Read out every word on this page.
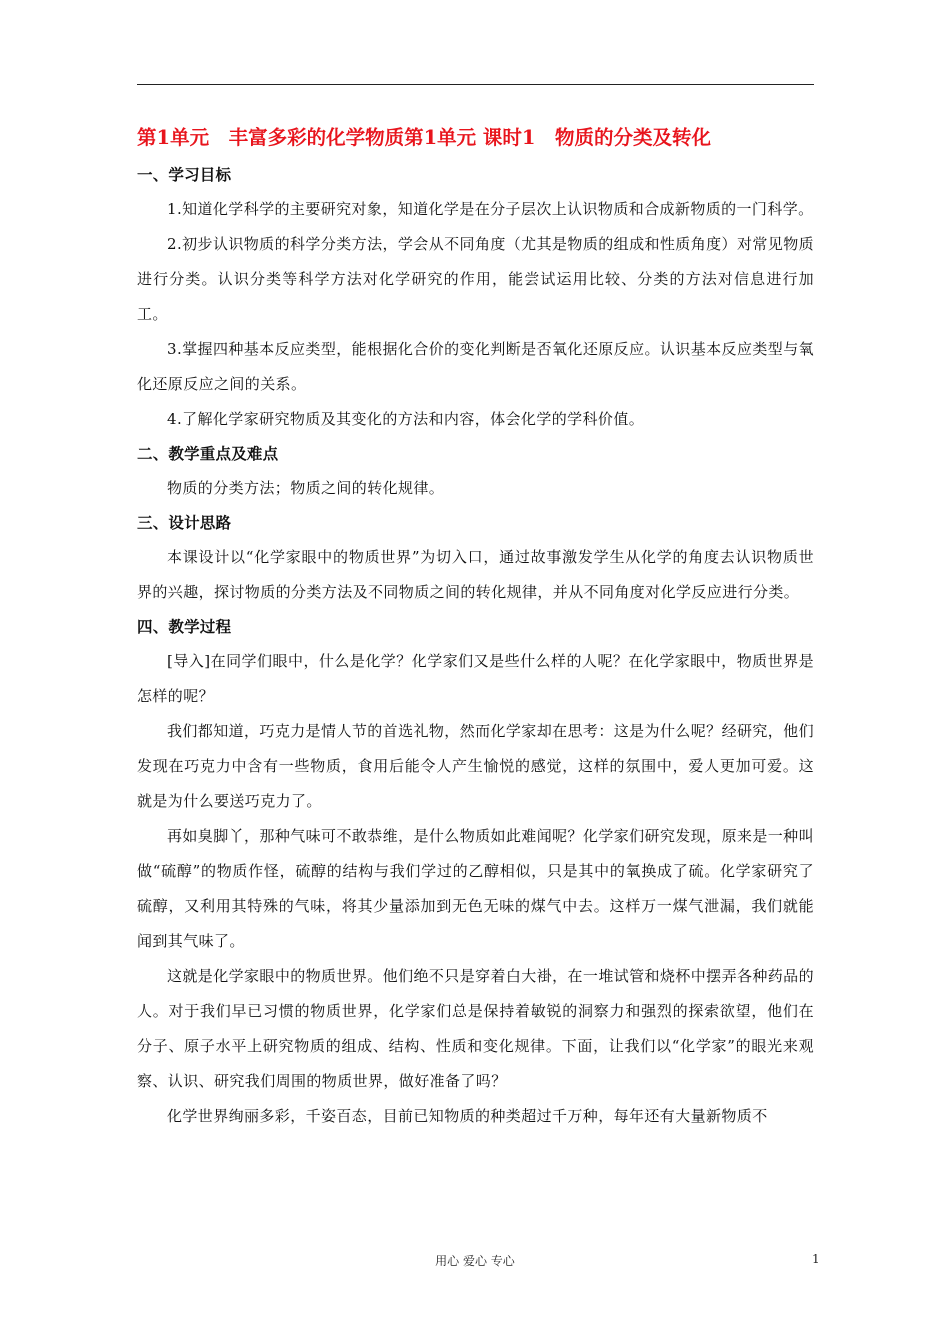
第1单元　丰富多彩的化学物质第1单元 课时1　物质的分类及转化
一、学习目标

1.知道化学科学的主要研究对象，知道化学是在分子层次上认识物质和合成新物质的一门科学。

2.初步认识物质的科学分类方法，学会从不同角度（尤其是物质的组成和性质角度）对常见物质进行分类。认识分类等科学方法对化学研究的作用，能尝试运用比较、分类的方法对信息进行加工。

3.掌握四种基本反应类型，能根据化合价的变化判断是否氧化还原反应。认识基本反应类型与氧化还原反应之间的关系。

4.了解化学家研究物质及其变化的方法和内容，体会化学的学科价值。

二、教学重点及难点

物质的分类方法；物质之间的转化规律。

三、设计思路

本课设计以“化学家眼中的物质世界”为切入口，通过故事激发学生从化学的角度去认识物质世界的兴趣，探讨物质的分类方法及不同物质之间的转化规律，并从不同角度对化学反应进行分类。

四、教学过程

[导入]在同学们眼中，什么是化学？化学家们又是些什么样的人呢？在化学家眼中，物质世界是怎样的呢？

我们都知道，巧克力是情人节的首选礼物，然而化学家却在思考：这是为什么呢？经研究，他们发现在巧克力中含有一些物质，食用后能令人产生愉悦的感觉，这样的氛围中，爱人更加可爱。这就是为什么要送巧克力了。

再如臭脚丫，那种气味可不敢恭维，是什么物质如此难闻呢？化学家们研究发现，原来是一种叫做“硫醇”的物质作怪，硫醇的结构与我们学过的乙醇相似，只是其中的氧换成了硫。化学家研究了硫醇，又利用其特殊的气味，将其少量添加到无色无味的煤气中去。这样万一煤气泄漏，我们就能闻到其气味了。

这就是化学家眼中的物质世界。他们绝不只是穿着白大褂，在一堆试管和烧杯中摆弄各种药品的人。对于我们早已习惯的物质世界，化学家们总是保持着敏锐的洞察力和强烈的探索欲望，他们在分子、原子水平上研究物质的组成、结构、性质和变化规律。下面，让我们以“化学家”的眼光来观察、认识、研究我们周围的物质世界，做好准备了吗？

化学世界绚丽多彩，千姿百态，目前已知物质的种类超过千万种，每年还有大量新物质不

用心 爱心 专心	1
